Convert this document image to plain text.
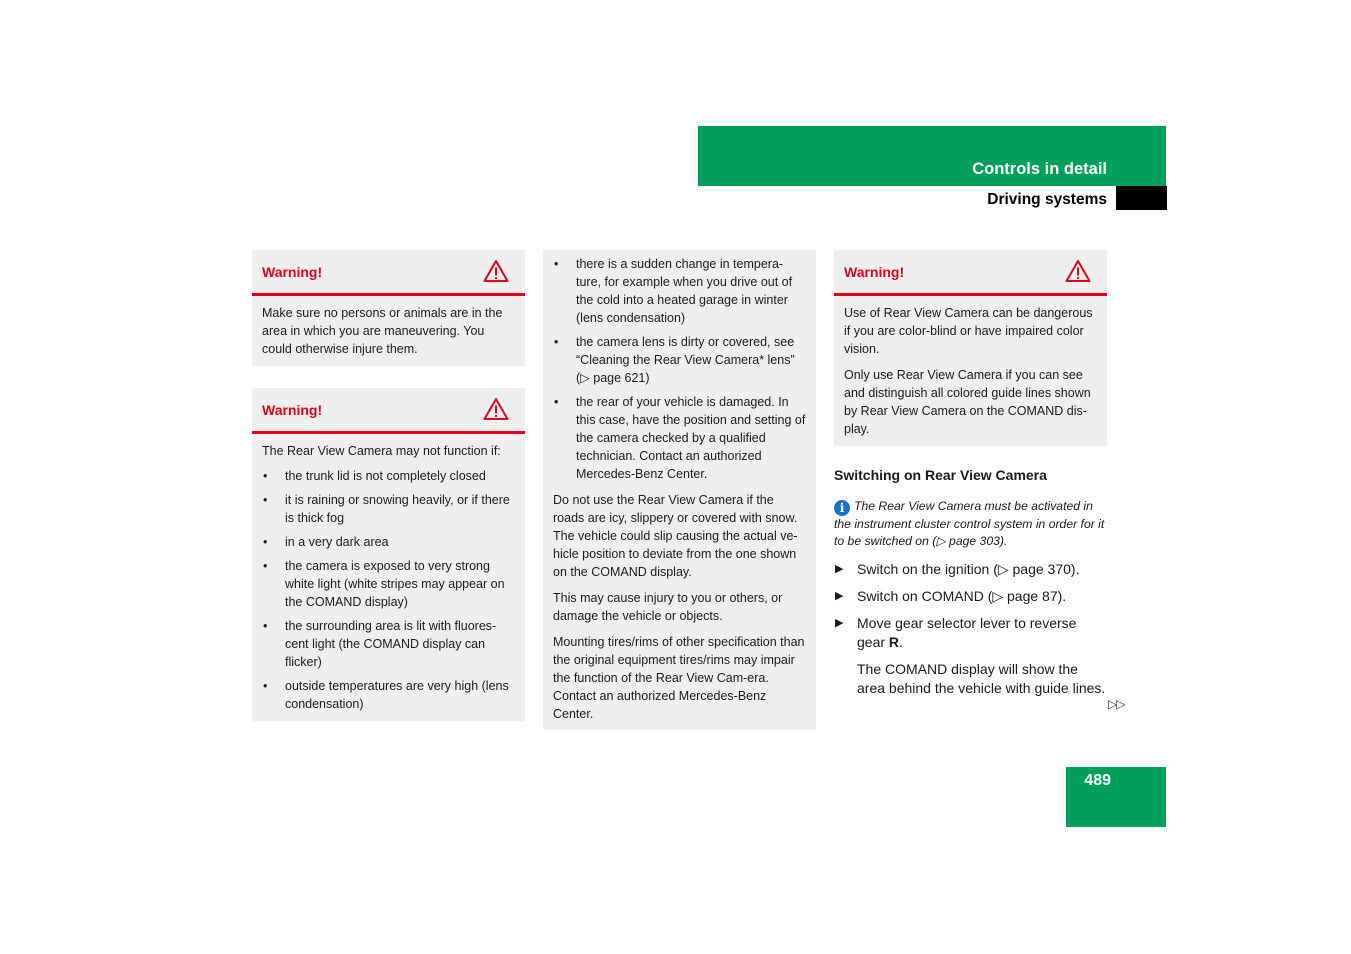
Controls in detail
Driving systems
Warning!

Make sure no persons or animals are in the area in which you are maneuvering. You could otherwise injure them.

Warning!

The Rear View Camera may not function if:

• the trunk lid is not completely closed
• it is raining or snowing heavily, or if there is thick fog
• in a very dark area
• the camera is exposed to very strong white light (white stripes may appear on the COMAND display)
• the surrounding area is lit with fluores-cent light (the COMAND display can flicker)
• outside temperatures are very high (lens condensation)
• there is a sudden change in tempera-ture, for example when you drive out of the cold into a heated garage in winter (lens condensation)
• the camera lens is dirty or covered, see “Cleaning the Rear View Camera* lens” (▷ page 621)
• the rear of your vehicle is damaged. In this case, have the position and setting of the camera checked by a qualified technician. Contact an authorized Mercedes-Benz Center.

Do not use the Rear View Camera if the roads are icy, slippery or covered with snow. The vehicle could slip causing the actual ve-hicle position to deviate from the one shown on the COMAND display.

This may cause injury to you or others, or damage the vehicle or objects.

Mounting tires/rims of other specification than the original equipment tires/rims may impair the function of the Rear View Cam-era. Contact an authorized Mercedes-Benz Center.

Warning!

Use of Rear View Camera can be dangerous if you are color-blind or have impaired color vision.

Only use Rear View Camera if you can see and distinguish all colored guide lines shown by Rear View Camera on the COMAND dis-play.

Switching on Rear View Camera
i The Rear View Camera must be activated in the instrument cluster control system in order for it to be switched on (▷ page 303).
▶ Switch on the ignition (▷ page 370).
▶ Switch on COMAND (▷ page 87).
▶ Move gear selector lever to reverse gear R.
The COMAND display will show the area behind the vehicle with guide lines.
▷▷
489
